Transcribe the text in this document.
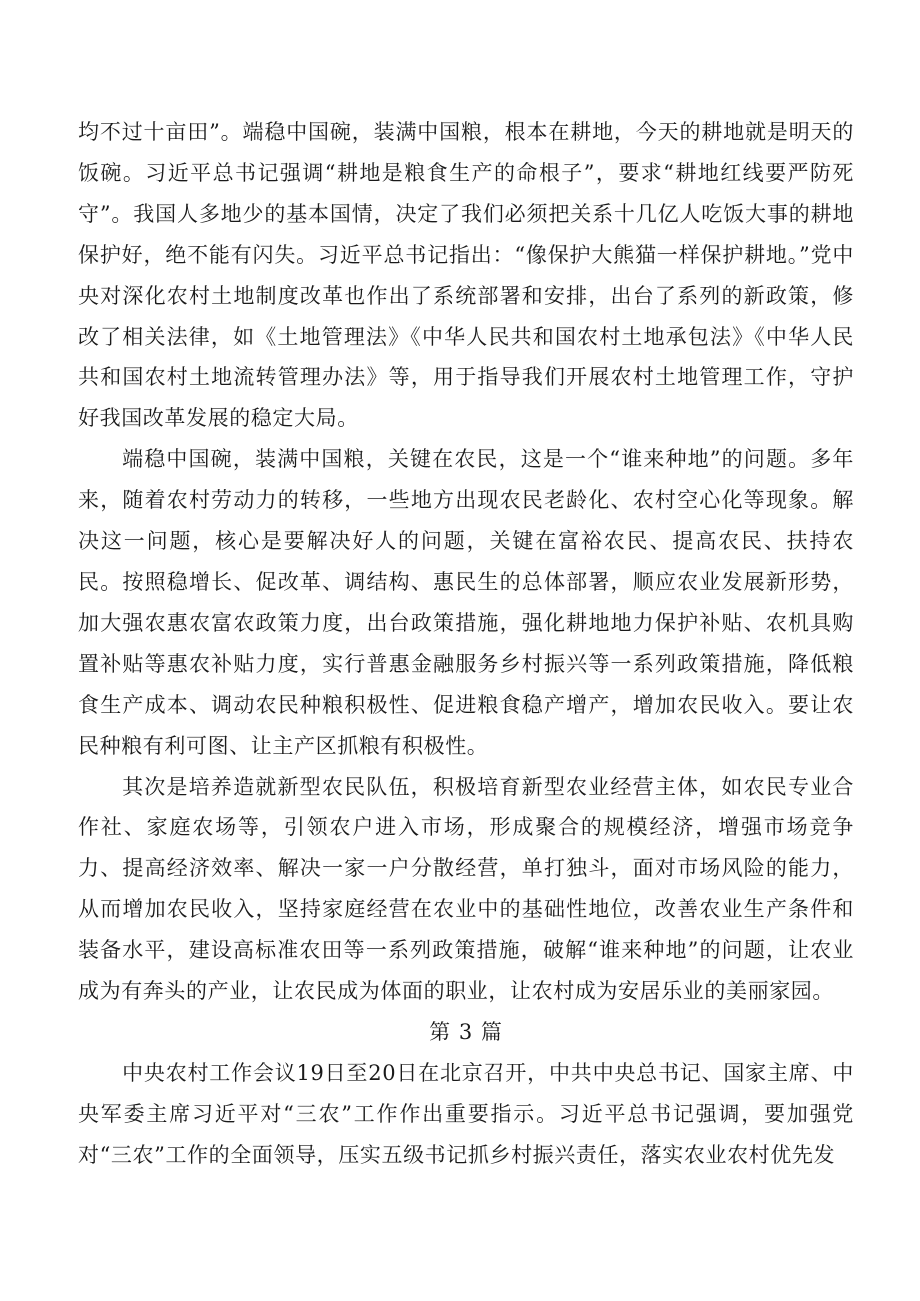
均不过十亩田”。端稳中国碗，装满中国粮，根本在耕地，今天的耕地就是明天的饭碗。习近平总书记强调“耕地是粮食生产的命根子”，要求“耕地红线要严防死守”。我国人多地少的基本国情，决定了我们必须把关系十几亿人吃饭大事的耕地保护好，绝不能有闪失。习近平总书记指出：“像保护大熊猫一样保护耕地。”党中央对深化农村土地制度改革也作出了系统部署和安排，出台了系列的新政策，修改了相关法律，如《土地管理法》《中华人民共和国农村土地承包法》《中华人民共和国农村土地流转管理办法》等，用于指导我们开展农村土地管理工作，守护好我国改革发展的稳定大局。

端稳中国碗，装满中国粮，关键在农民，这是一个“谁来种地”的问题。多年来，随着农村劳动力的转移，一些地方出现农民老龄化、农村空心化等现象。解决这一问题，核心是要解决好人的问题，关键在富裕农民、提高农民、扶持农民。按照稳增长、促改革、调结构、惠民生的总体部署，顺应农业发展新形势，加大强农惠农富农政策力度，出台政策措施，强化耕地地力保护补贴、农机具购置补贴等惠农补贴力度，实行普惠金融服务乡村振兴等一系列政策措施，降低粮食生产成本、调动农民种粮积极性、促进粮食稳产增产，增加农民收入。要让农民种粮有利可图、让主产区抓粮有积极性。

其次是培养造就新型农民队伍，积极培育新型农业经营主体，如农民专业合作社、家庭农场等，引领农户进入市场，形成聚合的规模经济，增强市场竞争力、提高经济效率、解决一家一户分散经营，单打独斗，面对市场风险的能力，从而增加农民收入，坚持家庭经营在农业中的基础性地位，改善农业生产条件和装备水平，建设高标准农田等一系列政策措施，破解“谁来种地”的问题，让农业成为有奔头的产业，让农民成为体面的职业，让农村成为安居乐业的美丽家园。

第 3 篇

中央农村工作会议19日至20日在北京召开，中共中央总书记、国家主席、中央军委主席习近平对“三农”工作作出重要指示。习近平总书记强调，要加强党对“三农”工作的全面领导，压实五级书记抓乡村振兴责任，落实农业农村优先发
